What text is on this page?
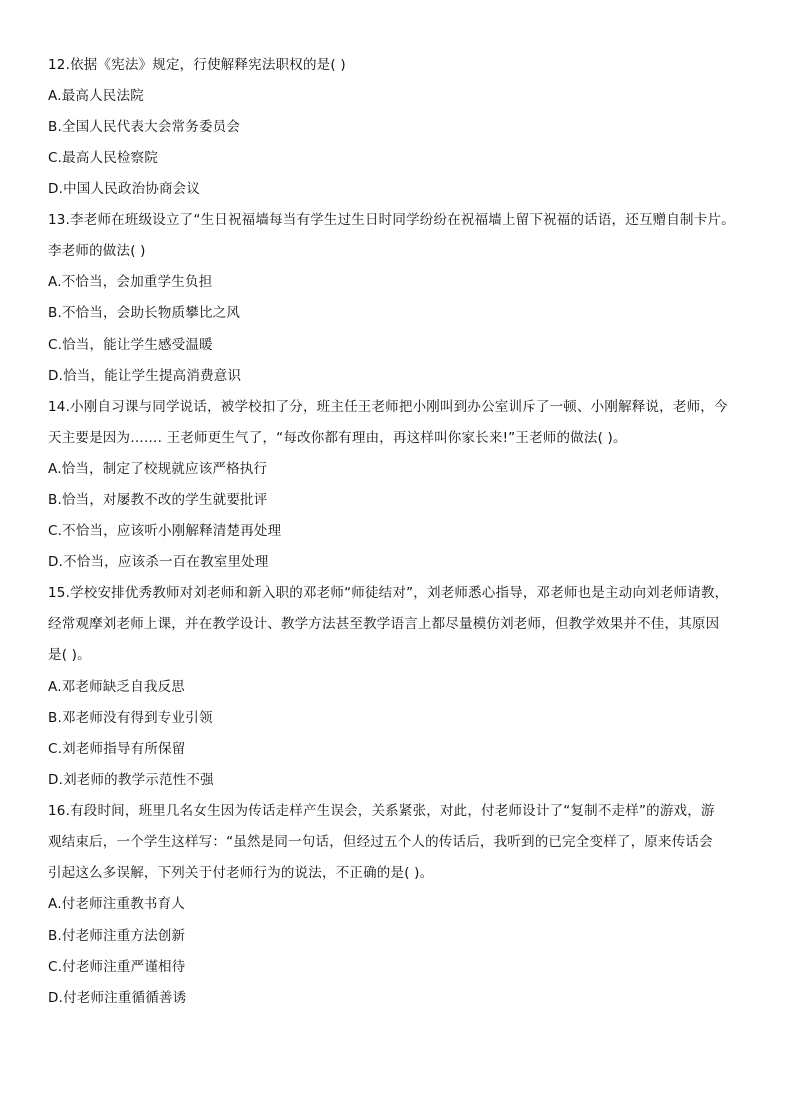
12.依据《宪法》规定，行使解释宪法职权的是( )
A.最高人民法院
B.全国人民代表大会常务委员会
C.最高人民检察院
D.中国人民政治协商会议
13.李老师在班级设立了“生日祝福墙每当有学生过生日时同学纷纷在祝福墙上留下祝福的话语，还互赠自制卡片。
李老师的做法( )
A.不恰当，会加重学生负担
B.不恰当，会助长物质攀比之风
C.恰当，能让学生感受温暖
D.恰当，能让学生提高消费意识
14.小刚自习课与同学说话，被学校扣了分，班主任王老师把小刚叫到办公室训斥了一顿、小刚解释说，老师，今
天主要是因为……. 王老师更生气了，“每改你都有理由，再这样叫你家长来!”王老师的做法( )。
A.恰当，制定了校规就应该严格执行
B.恰当，对屡教不改的学生就要批评
C.不恰当，应该听小刚解释清楚再处理
D.不恰当，应该杀一百在教室里处理
15.学校安排优秀教师对刘老师和新入职的邓老师“师徒结对”，刘老师悉心指导，邓老师也是主动向刘老师请教，
经常观摩刘老师上课，并在教学设计、教学方法甚至教学语言上都尽量模仿刘老师，但教学效果并不佳，其原因
是( )。
A.邓老师缺乏自我反思
B.邓老师没有得到专业引领
C.刘老师指导有所保留
D.刘老师的教学示范性不强
16.有段时间，班里几名女生因为传话走样产生误会，关系紧张，对此，付老师设计了“复制不走样”的游戏，游
观结束后，一个学生这样写：“虽然是同一句话，但经过五个人的传话后，我听到的已完全变样了，原来传话会
引起这么多误解，下列关于付老师行为的说法，不正确的是( )。
A.付老师注重教书育人
B.付老师注重方法创新
C.付老师注重严谨相待
D.付老师注重循循善诱
